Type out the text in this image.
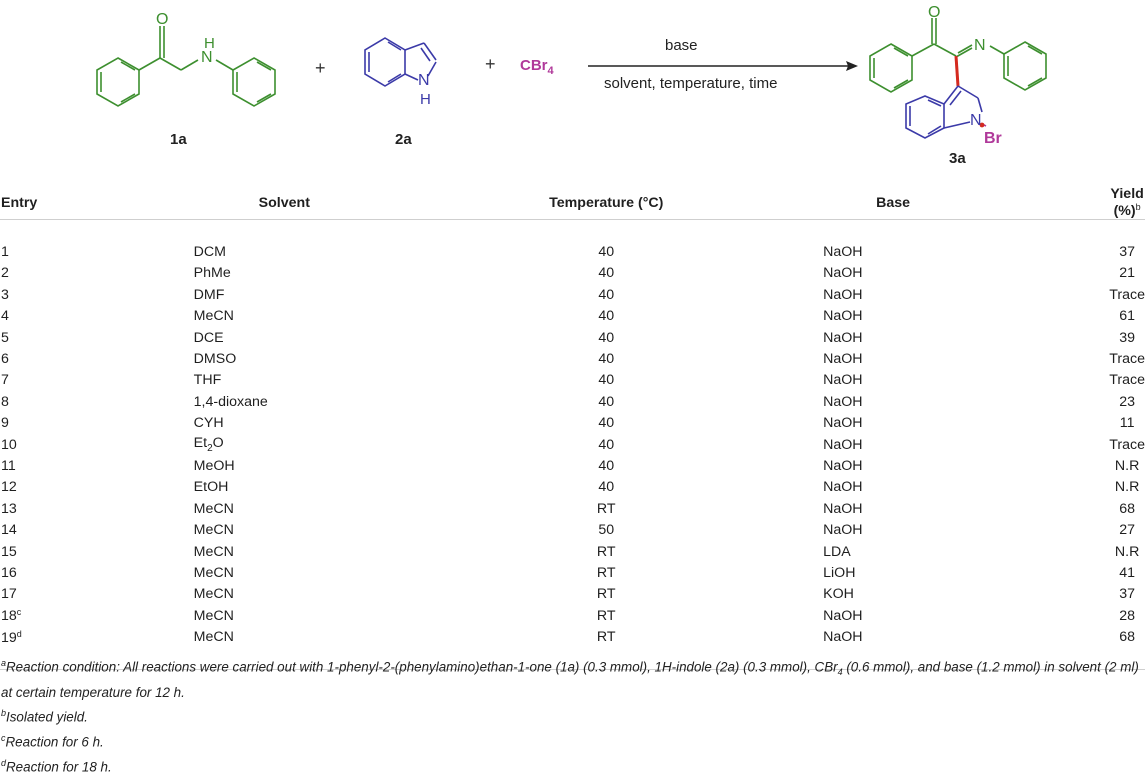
O
N
H
N
H
O
N
N
Br
1a
+
2a
+ CBr$_4$
base
solvent, temperature, time
3a
Entry	Solvent	Temperature (°C)	Base	Yield (%)$^b$

1	DCM	40	NaOH	37
2	PhMe	40	NaOH	21
3	DMF	40	NaOH	Trace
4	MeCN	40	NaOH	61
5	DCE	40	NaOH	39
6	DMSO	40	NaOH	Trace
7	THF	40	NaOH	Trace
8	1,4-dioxane	40	NaOH	23
9	CYH	40	NaOH	11
10	$Et_2O$	40	NaOH	Trace
11	MeOH	40	NaOH	N.R
12	EtOH	40	NaOH	N.R
13	MeCN	RT	NaOH	68
14	MeCN	50	NaOH	27
15	MeCN	RT	LDA	N.R
16	MeCN	RT	LiOH	41
17	MeCN	RT	KOH	37
18$^c$	MeCN	RT	NaOH	28
19$^d$	MeCN	RT	NaOH	68

$^a$Reaction condition: All reactions were carried out with 1-phenyl-2-(phenylamino)ethan-1-one (1a) (0.3 mmol), 1H-indole (2a) (0.3 mmol), CBr$_4$ (0.6 mmol), and base (1.2 mmol) in solvent (2 ml) at certain temperature for 12 h.
$^b$Isolated yield.
$^c$Reaction for 6 h.
$^d$Reaction for 18 h.
